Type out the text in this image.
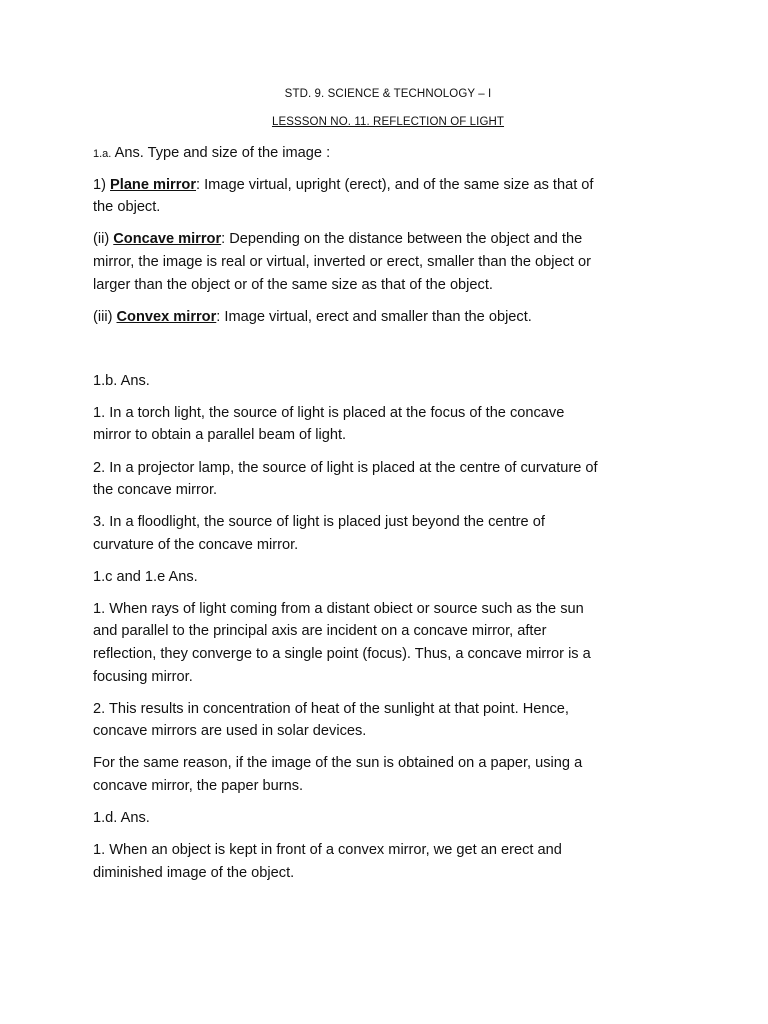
STD. 9. SCIENCE & TECHNOLOGY – I
LESSSON NO. 11. REFLECTION OF LIGHT
1.a. Ans. Type and size of the image :
1) Plane mirror: Image virtual, upright (erect), and of the same size as that of
the object.
(ii) Concave mirror: Depending on the distance between the object and the
mirror, the image is real or virtual, inverted or erect, smaller than the object or
larger than the object or of the same size as that of the object.
(iii) Convex mirror: Image virtual, erect and smaller than the object.
1.b. Ans.
1. In a torch light, the source of light is placed at the focus of the concave
mirror to obtain a parallel beam of light.
2. In a projector lamp, the source of light is placed at the centre of curvature of
the concave mirror.
3. In a floodlight, the source of light is placed just beyond the centre of
curvature of the concave mirror.
1.c and 1.e Ans.
1. When rays of light coming from a distant obiect or source such as the sun
and parallel to the principal axis are incident on a concave mirror, after
reflection, they converge to a single point (focus). Thus, a concave mirror is a
focusing mirror.
2. This results in concentration of heat of the sunlight at that point. Hence,
concave mirrors are used in solar devices.
For the same reason, if the image of the sun is obtained on a paper, using a
concave mirror, the paper burns.
1.d. Ans.
1. When an object is kept in front of a convex mirror, we get an erect and
diminished image of the object.
